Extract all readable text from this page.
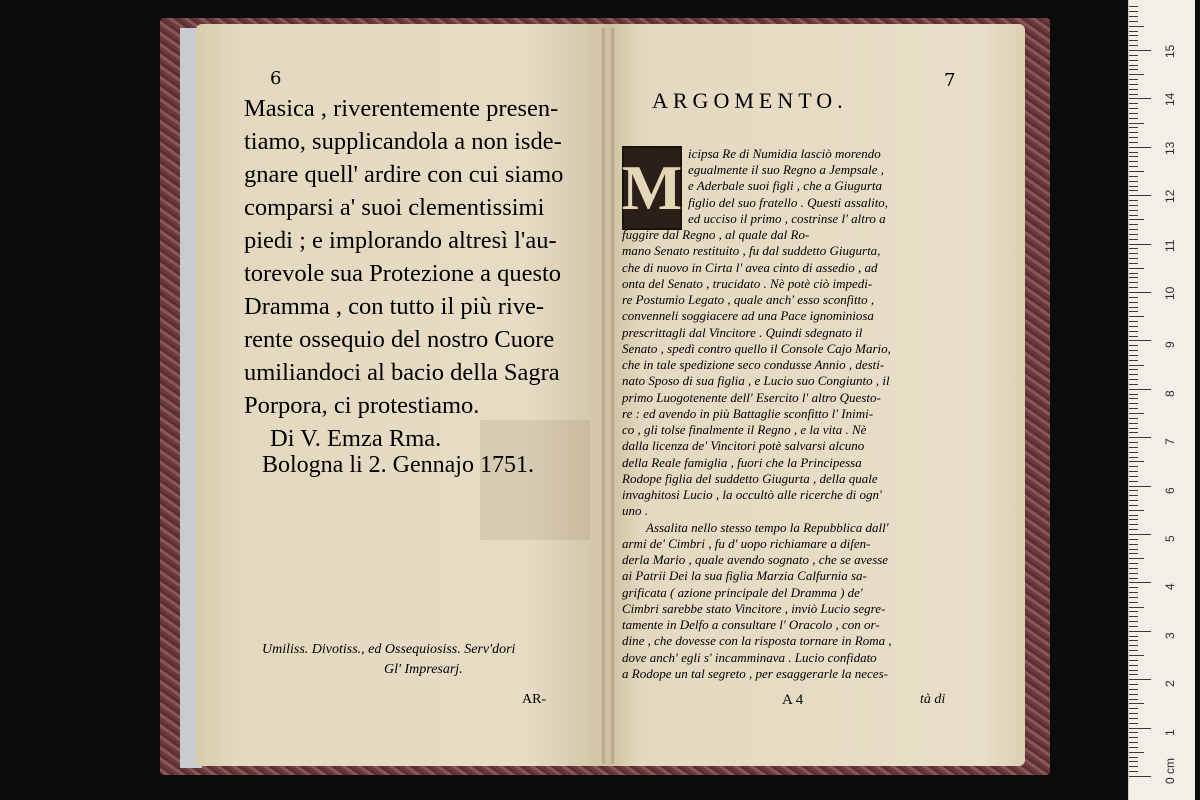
6
Masica , riverentemente presen-
tiamo, supplicandola a non isde-
gnare quell' ardire con cui siamo
comparsi a' suoi clementissimi
piedi ; e implorando altresì l'au-
torevole sua Protezione a questo
Dramma , con tutto il più rive-
rente ossequio del nostro Cuore
umiliandoci al bacio della Sagra
Porpora, ci protestiamo.
Di V. Emza Rma.
Bologna li 2. Gennajo 1751.
Umiliss. Divotiss., ed Ossequiosiss. Serv'dori
Gl' Impresarj.
AR-
7
ARGOMENTO.
M icipsa Re di Numidia lasciò morendo
egualmente il suo Regno a Jempsale ,
e Aderbale suoi figli , che a Giugurta
figlio del suo fratello . Questi assalito,
ed ucciso il primo , costrinse l' altro a
fuggire dal Regno , al quale dal Ro-
mano Senato restituito , fu dal suddetto Giugurta,
che di nuovo in Cirta l' avea cinto di assedio , ad
onta del Senato , trucidato . Nè potè ciò impedi-
re Postumio Legato , quale anch' esso sconfitto ,
convenneli soggiacere ad una Pace ignominiosa
prescrittagli dal Vincitore . Quindi sdegnato il
Senato , spedì contro quello il Console Cajo Mario,
che in tale spedizione seco condusse Annio , desti-
nato Sposo di sua figlia , e Lucio suo Congiunto , il
primo Luogotenente dell' Esercito l' altro Questo-
re : ed avendo in più Battaglie sconfitto l' Inimi-
co , gli tolse finalmente il Regno , e la vita . Nè
dalla licenza de' Vincitori potè salvarsi alcuno
della Reale famiglia , fuori che la Principessa
Rodope figlia del suddetto Giugurta , della quale
invaghitosi Lucio , la occultò alle ricerche di ogn'
uno .
Assalita nello stesso tempo la Repubblica dall'
armi de' Cimbri , fu d' uopo richiamare a difen-
derla Mario , quale avendo sognato , che se avesse
ai Patrii Dei la sua figlia Marzia Calfurnia sa-
grificata ( azione principale del Dramma ) de'
Cimbri sarebbe stato Vincitore , inviò Lucio segre-
tamente in Delfo a consultare l' Oracolo , con or-
dine , che dovesse con la risposta tornare in Roma ,
dove anch' egli s' incamminava . Lucio confidato
a Rodope un tal segreto , per esaggerarle la neces-
A 4	tà di
0 cm
1
2
3
4
5
6
7
8
9
10
11
12
13
14
15
